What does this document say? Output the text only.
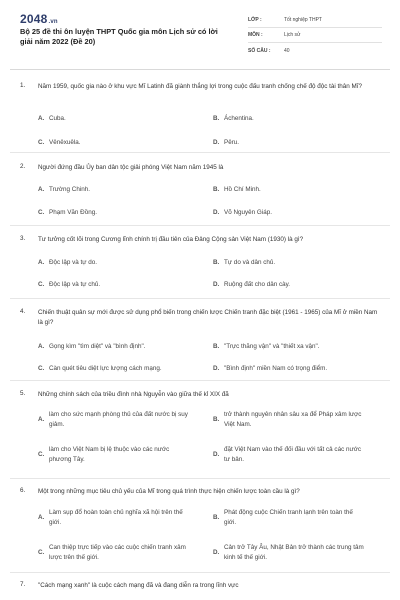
2048.vn
Bộ 25 đề thi ôn luyện THPT Quốc gia môn Lịch sử có lời giải năm 2022 (Đề 20)
LỚP :	Tốt nghiệp THPT
MÔN :	Lịch sử
SỐ CÂU :	40
1. Năm 1959, quốc gia nào ở khu vực Mĩ Latinh đã giành thắng lợi trong cuộc đấu tranh chống chế độ độc tài thân Mĩ?
A. Cuba.	B. Áchentina.
C. Vênêxuêla.	D. Pêru.
2. Người đứng đầu Ủy ban dân tộc giải phóng Việt Nam năm 1945 là
A. Trường Chinh.	B. Hồ Chí Minh.
C. Phạm Văn Đồng.	D. Võ Nguyên Giáp.
3. Tư tưởng cốt lõi trong Cương lĩnh chính trị đầu tiên của Đảng Cộng sản Việt Nam (1930) là gì?
A. Độc lập và tự do.	B. Tự do và dân chủ.
C. Độc lập và tự chủ.	D. Ruộng đất cho dân cày.
4. Chiến thuật quân sự mới được sử dụng phổ biến trong chiến lược Chiến tranh đặc biệt (1961 - 1965) của Mĩ ở miền Nam là gì?
A. Gọng kìm "tìm diệt" và "bình định".	B. "Trực thăng vận" và "thiết xa vận".
C. Càn quét tiêu diệt lực lượng cách mạng.	D. "Bình định" miền Nam có trọng điểm.
5. Những chính sách của triều đình nhà Nguyễn vào giữa thế kỉ XIX đã
A.
làm cho sức mạnh phòng thủ của đất nước bị suy giảm.
B.
trở thành nguyên nhân sâu xa để Pháp xâm lược Việt Nam.
C.
làm cho Việt Nam bị lệ thuộc vào các nước phương Tây.
D.
đặt Việt Nam vào thế đối đầu với tất cả các nước tư bản.
6. Một trong những mục tiêu chủ yếu của Mĩ trong quá trình thực hiện chiến lược toàn cầu là gì?
A.
Làm sụp đổ hoàn toàn chủ nghĩa xã hội trên thế giới.
B.
Phát động cuộc Chiến tranh lạnh trên toàn thế giới.
C.
Can thiệp trực tiếp vào các cuộc chiến tranh xâm lược trên thế giới.
D.
Cản trở Tây Âu, Nhật Bản trở thành các trung tâm kinh tế thế giới.
7. "Cách mạng xanh" là cuộc cách mạng đã và đang diễn ra trong lĩnh vực
